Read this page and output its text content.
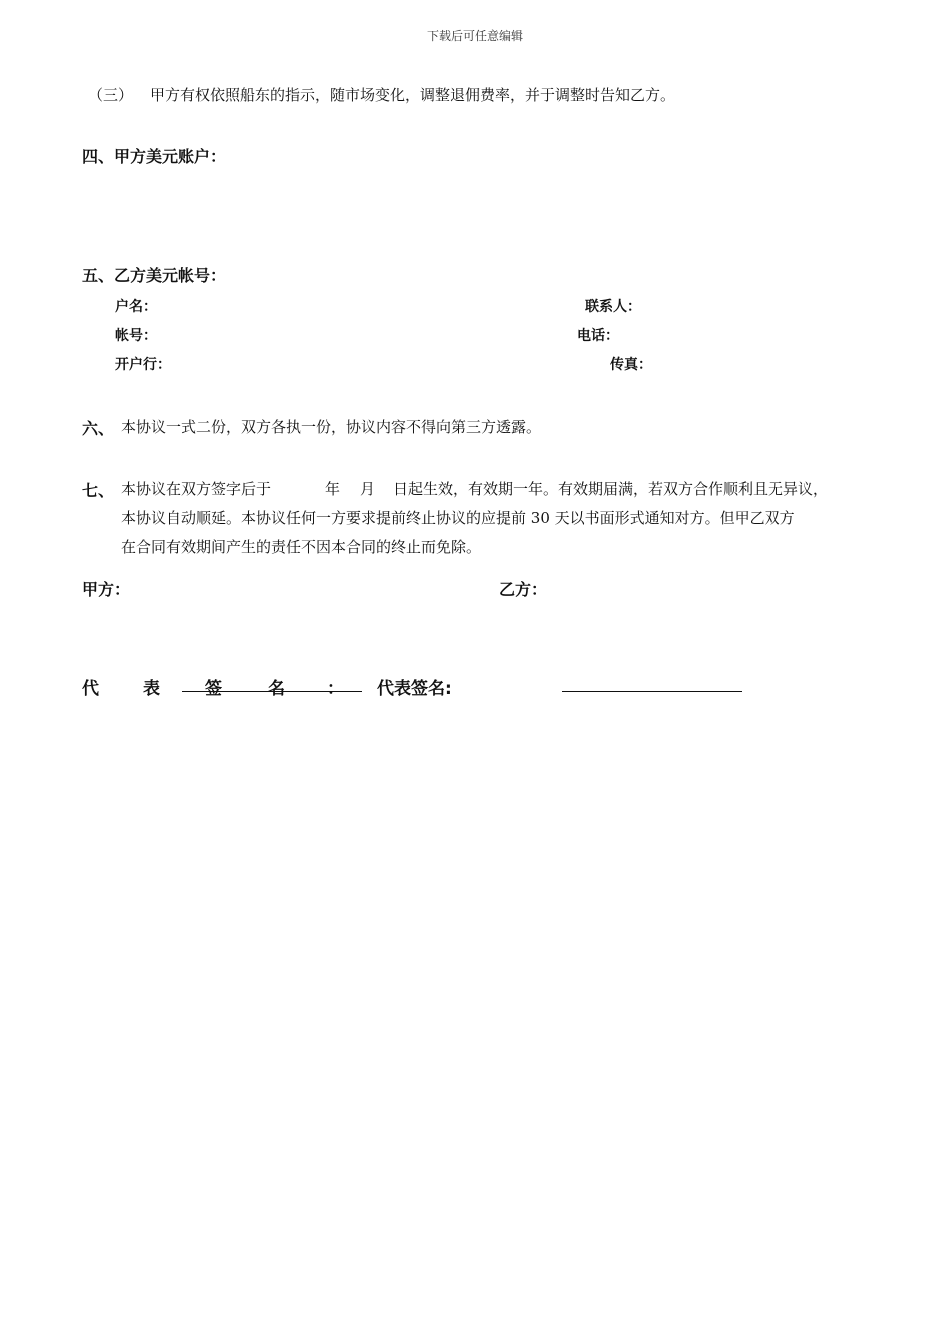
下载后可任意编辑
（三） 甲方有权依照船东的指示，随市场变化，调整退佣费率，并于调整时告知乙方。
四、甲方美元账户：
五、乙方美元帐号：
户名：	联系人：
帐号：	电话：
开户行：	传真：
六、 本协议一式二份，双方各执一份，协议内容不得向第三方透露。
七、 本协议在双方签字后于	年 月 日起生效，有效期一年。有效期届满，若双方合作顺利且无异议，
本协议自动顺延。本协议任何一方要求提前终止协议的应提前 30 天以书面形式通知对方。但甲乙双方
在合同有效期间产生的责任不因本合同的终止而免除。
甲方：	乙方：
代	表	签	名 ： 代表签名:
